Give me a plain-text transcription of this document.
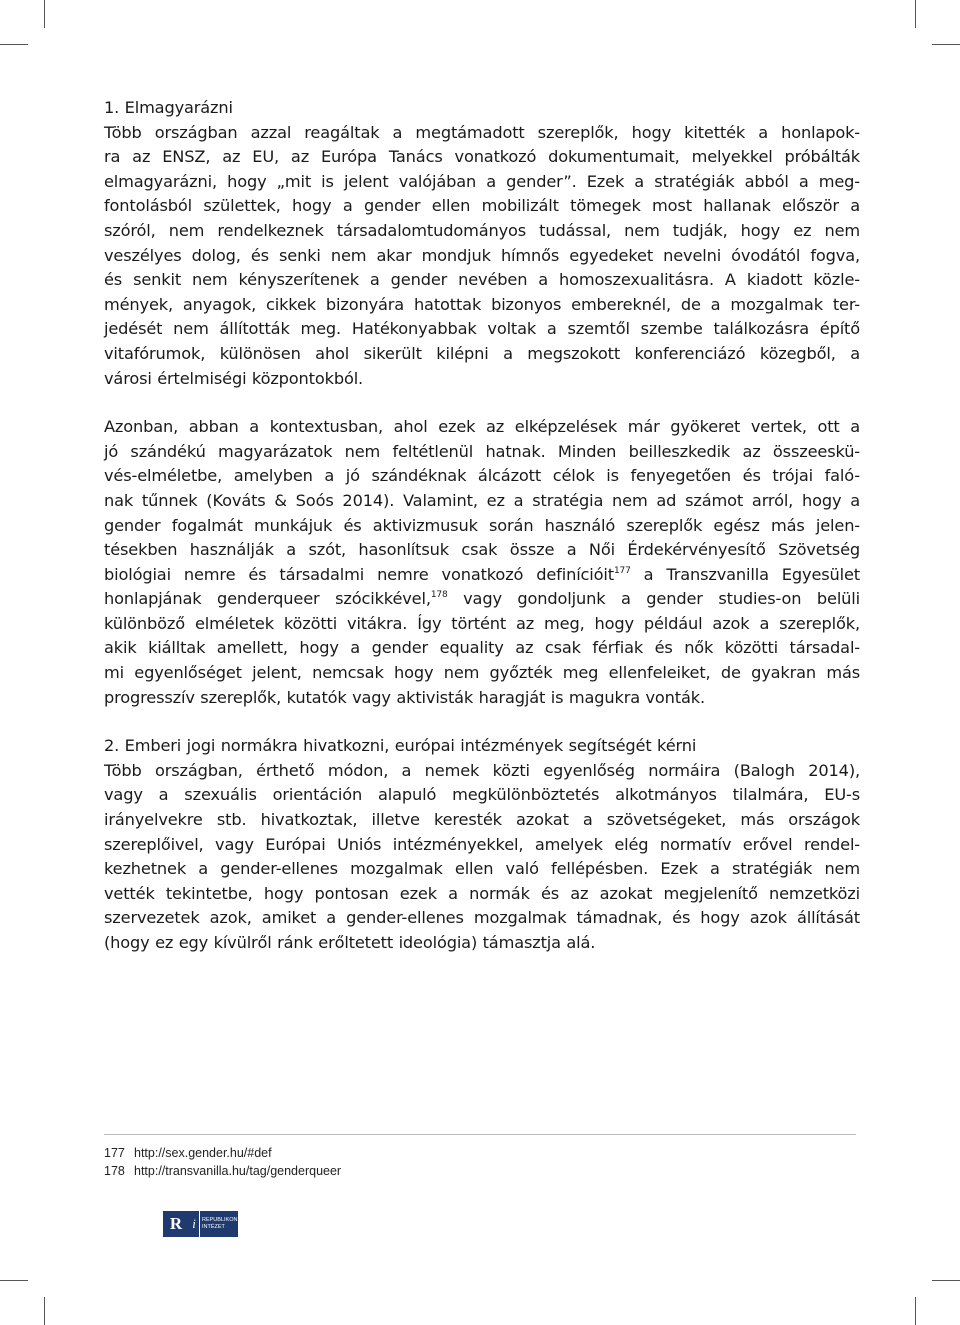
1. Elmagyarázni
Több országban azzal reagáltak a megtámadott szereplők, hogy kitették a honlapok-
ra az ENSZ, az EU, az Európa Tanács vonatkozó dokumentumait, melyekkel próbálták
elmagyarázni, hogy „mit is jelent valójában a gender”. Ezek a stratégiák abból a meg-
fontolásból születtek, hogy a gender ellen mobilizált tömegek most hallanak először a
szóról, nem rendelkeznek társadalomtudományos tudással, nem tudják, hogy ez nem
veszélyes dolog, és senki nem akar mondjuk hímnős egyedeket nevelni óvodától fogva,
és senkit nem kényszerítenek a gender nevében a homoszexualitásra. A kiadott közle-
mények, anyagok, cikkek bizonyára hatottak bizonyos embereknél, de a mozgalmak ter-
jedését nem állították meg. Hatékonyabbak voltak a szemtől szembe találkozásra építő
vitafórumok, különösen ahol sikerült kilépni a megszokott konferenciázó közegből, a
városi értelmiségi központokból.
Azonban, abban a kontextusban, ahol ezek az elképzelések már gyökeret vertek, ott a
jó szándékú magyarázatok nem feltétlenül hatnak. Minden beilleszkedik az összeeskü-
vés-elméletbe, amelyben a jó szándéknak álcázott célok is fenyegetően és trójai faló-
nak tűnnek (Kováts & Soós 2014). Valamint, ez a stratégia nem ad számot arról, hogy a
gender fogalmát munkájuk és aktivizmusuk során használó szereplők egész más jelen-
tésekben használják a szót, hasonlítsuk csak össze a Női Érdekérvényesítő Szövetség
biológiai nemre és társadalmi nemre vonatkozó definícióit$^{177}$ a Transzvanilla Egyesület
honlapjának genderqueer szócikkével,$^{178}$ vagy gondoljunk a gender studies-on belüli
különböző elméletek közötti vitákra. Így történt az meg, hogy például azok a szereplők,
akik kiálltak amellett, hogy a gender equality az csak férfiak és nők közötti társadal-
mi egyenlőséget jelent, nemcsak hogy nem győzték meg ellenfeleiket, de gyakran más
progresszív szereplők, kutatók vagy aktivisták haragját is magukra vonták.
2. Emberi jogi normákra hivatkozni, európai intézmények segítségét kérni
Több országban, érthető módon, a nemek közti egyenlőség normáira (Balogh 2014),
vagy a szexuális orientáción alapuló megkülönböztetés alkotmányos tilalmára, EU-s
irányelvekre stb. hivatkoztak, illetve keresték azokat a szövetségeket, más országok
szereplőivel, vagy Európai Uniós intézményekkel, amelyek elég normatív erővel rendel-
kezhetnek a gender-ellenes mozgalmak ellen való fellépésben. Ezek a stratégiák nem
vették tekintetbe, hogy pontosan ezek a normák és az azokat megjelenítő nemzetközi
szervezetek azok, amiket a gender-ellenes mozgalmak támadnak, és hogy azok állítását
(hogy ez egy kívülről ránk erőltetett ideológia) támasztja alá.
177 http://sex.gender.hu/#def
178 http://transvanilla.hu/tag/genderqueer
R i	REPUBLIKON
INTÉZET
